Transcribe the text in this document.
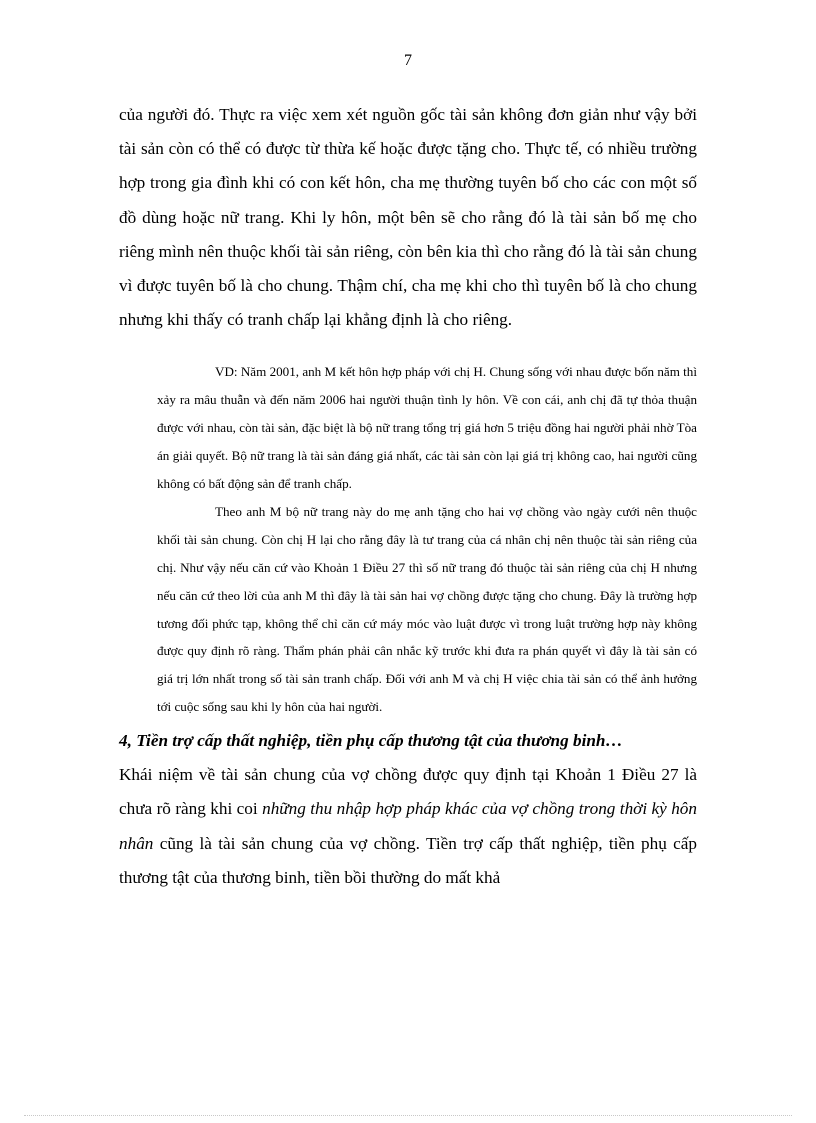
7

của người đó. Thực ra việc xem xét nguồn gốc tài sản không đơn giản như vậy bởi tài sản còn có thể có được từ thừa kế hoặc được tặng cho. Thực tế, có nhiều trường hợp trong gia đình khi có con kết hôn, cha mẹ thường tuyên bố cho các con một số đồ dùng hoặc nữ trang. Khi ly hôn, một bên sẽ cho rằng đó là tài sản bố mẹ cho riêng mình nên thuộc khối tài sản riêng, còn bên kia thì cho rằng đó là tài sản chung vì được tuyên bố là cho chung. Thậm chí, cha mẹ khi cho thì tuyên bố là cho chung nhưng khi thấy có tranh chấp lại khẳng định là cho riêng.

VD: Năm 2001, anh M kết hôn hợp pháp với chị H. Chung sống với nhau được bốn năm thì xảy ra mâu thuẫn và đến năm 2006 hai người thuận tình ly hôn. Về con cái, anh chị đã tự thỏa thuận được với nhau, còn tài sản, đặc biệt là bộ nữ trang tổng trị giá hơn 5 triệu đồng hai người phải nhờ Tòa án giải quyết. Bộ nữ trang là tài sản đáng giá nhất, các tài sản còn lại giá trị không cao, hai người cũng không có bất động sản để tranh chấp.

Theo anh M bộ nữ trang này do mẹ anh tặng cho hai vợ chồng vào ngày cưới nên thuộc khối tài sản chung. Còn chị H lại cho rằng đây là tư trang của cá nhân chị nên thuộc tài sản riêng của chị. Như vậy nếu căn cứ vào Khoản 1 Điều 27 thì số nữ trang đó thuộc tài sản riêng của chị H nhưng nếu căn cứ theo lời của anh M thì đây là tài sản hai vợ chồng được tặng cho chung. Đây là trường hợp tương đối phức tạp, không thể chỉ căn cứ máy móc vào luật được vì trong luật trường hợp này không được quy định rõ ràng. Thẩm phán phải cân nhắc kỹ trước khi đưa ra phán quyết vì đây là tài sản có giá trị lớn nhất trong số tài sản tranh chấp. Đối với anh M và chị H việc chia tài sản có thể ảnh hưởng tới cuộc sống sau khi ly hôn của hai người.

4, Tiền trợ cấp thất nghiệp, tiền phụ cấp thương tật của thương binh…

Khái niệm về tài sản chung của vợ chồng được quy định tại Khoản 1 Điều 27 là chưa rõ ràng khi coi những thu nhập hợp pháp khác của vợ chồng trong thời kỳ hôn nhân cũng là tài sản chung của vợ chồng. Tiền trợ cấp thất nghiệp, tiền phụ cấp thương tật của thương binh, tiền bồi thường do mất khả
